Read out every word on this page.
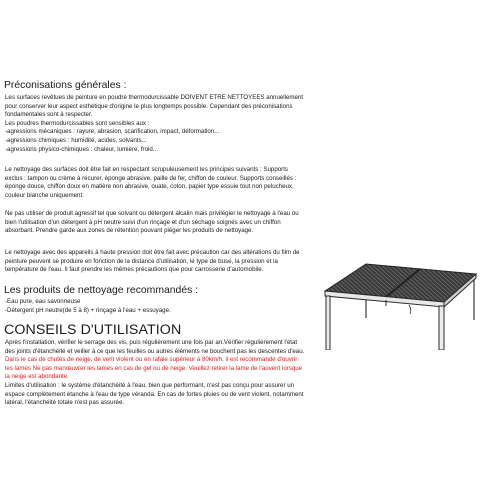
Préconisations générales :
Les surfaces revêtues de peinture en poudre thermodurcissable DOIVENT ETRE NETTOYEES annuellement
pour conserver leur aspect esthétique d'origine le plus longtemps possible. Cependant des préconisations
fondamentales sont à respecter.
Les poudres thermodurcissables sont sensibles aux :
-agressions mécaniques : rayure, abrasion, scarification, impact, déformation...
-agressions chimiques : humidité, acides, solvants...
-agressions physico-chimiques : chaleur, lumière, froid...
Le nettoyage des surfaces doit être fait en respectant scrupuleusement les principes suivants : Supports
exclus : tampon ou crème à récurer, éponge abrasive, paille de fer, chiffon de couleur. Supports conseillés :
éponge douce, chiffon doux en matière non abrasive, ouate, coton, papier type essuie tout non pelucheux,
couleur blanche uniquement.
Ne pas utiliser de produit agressif tel que solvant ou détergent alcalin mais privilégier le nettoyage à l'eau ou
bien l'utilisation d'un détergent à pH neutre suivi d'un rinçage et d'un séchage soignés avec un chiffon
absorbant. Prendre garde aux zones de rétention pouvant piéger les produits de nettoyage.
Le nettoyage avec des appareils à haute pression doit être fait avec précaution car des altérations du film de
peinture peuvent se produire en fonction de la distance d'utilisation, le type de buse, la pression et la
température de l'eau. Il faut prendre les mêmes précautions que pour carrosserie d'automobile.
Les produits de nettoyage recommandés :
-Eau pure, eau savonneuse
-Détergent pH neutre(de 5 à 8) + rinçage à l'eau + essuyage.
CONSEILS D'UTILISATION
Après l'installation, vérifier le serrage des vis, puis régulièrement une fois par an.Vérifier régulièrement l'état
des joints d'étanchéité et veiller à ce que les feuilles ou autres éléments ne bouchent pas les descentes d'eau.
Dans le cas de chutes de neige, de vent violent ou en rafale supérieur à 80km/h, il est recommandé d'ouvrir
les lames Ne pas manœuvrer les lames en cas de gel ou de neige. Veuillez retirer la lame de l'auvent lorsque
la neige est abondante.
Limites d'utilisation : le système d'étanchéité à l'eau, bien que performant, n'est pas conçu pour assurer un
espace complètement étanche à l'eau de type véranda. En cas de fortes pluies ou de vent violent, notamment
latéral, l'étanchéité totale n'est pas assurée.
